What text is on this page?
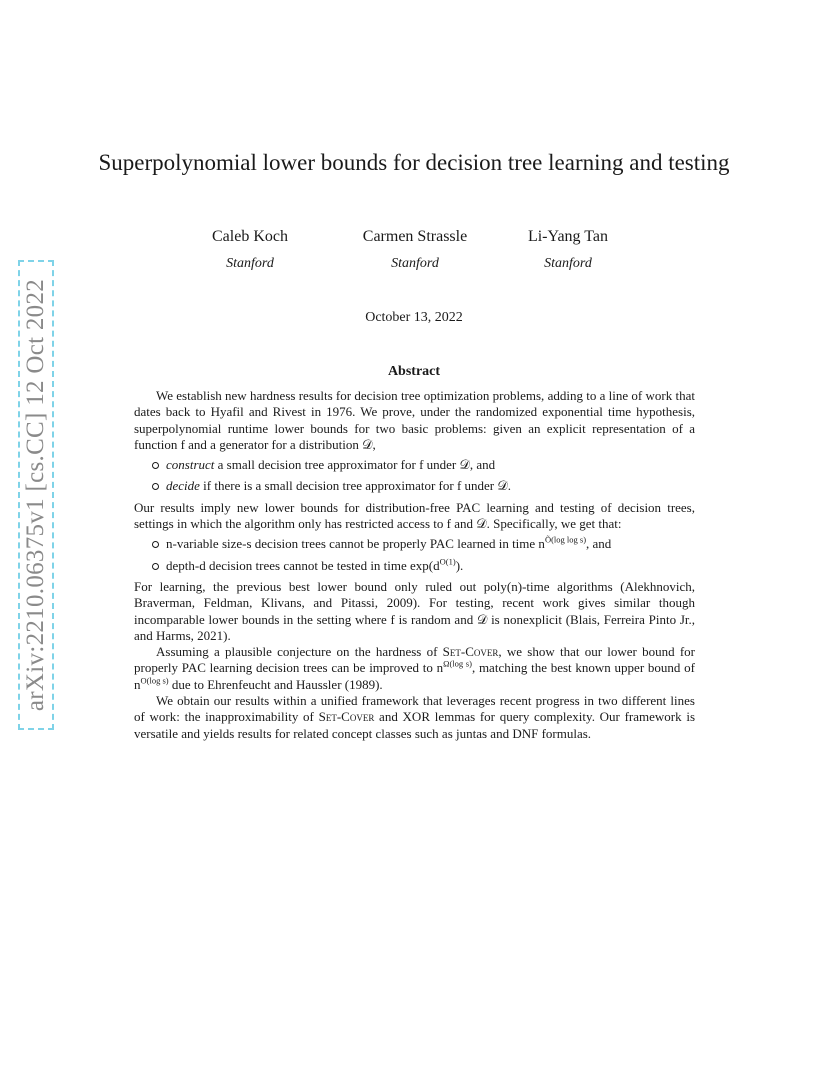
arXiv:2210.06375v1 [cs.CC] 12 Oct 2022
Superpolynomial lower bounds for decision tree learning and testing
Caleb Koch
Stanford
Carmen Strassle
Stanford
Li-Yang Tan
Stanford
October 13, 2022
Abstract

We establish new hardness results for decision tree optimization problems, adding to a line of work that dates back to Hyafil and Rivest in 1976. We prove, under the randomized exponential time hypothesis, superpolynomial runtime lower bounds for two basic problems: given an explicit representation of a function f and a generator for a distribution 𝒟,

construct a small decision tree approximator for f under 𝒟, and
decide if there is a small decision tree approximator for f under 𝒟.

Our results imply new lower bounds for distribution-free PAC learning and testing of decision trees, settings in which the algorithm only has restricted access to f and 𝒟. Specifically, we get that:

n-variable size-s decision trees cannot be properly PAC learned in time $n^{Õ(log log s)}$, and
depth-d decision trees cannot be tested in time $\exp(d^{O(1)})$.

For learning, the previous best lower bound only ruled out poly(n)-time algorithms (Alekhnovich, Braverman, Feldman, Klivans, and Pitassi, 2009). For testing, recent work gives similar though incomparable lower bounds in the setting where f is random and 𝒟 is nonexplicit (Blais, Ferreira Pinto Jr., and Harms, 2021).

Assuming a plausible conjecture on the hardness of Set-Cover, we show that our lower bound for properly PAC learning decision trees can be improved to $n^{\Omega(log s)}$, matching the best known upper bound of $n^{O(log s)}$ due to Ehrenfeucht and Haussler (1989).

We obtain our results within a unified framework that leverages recent progress in two different lines of work: the inapproximability of Set-Cover and XOR lemmas for query complexity. Our framework is versatile and yields results for related concept classes such as juntas and DNF formulas.
